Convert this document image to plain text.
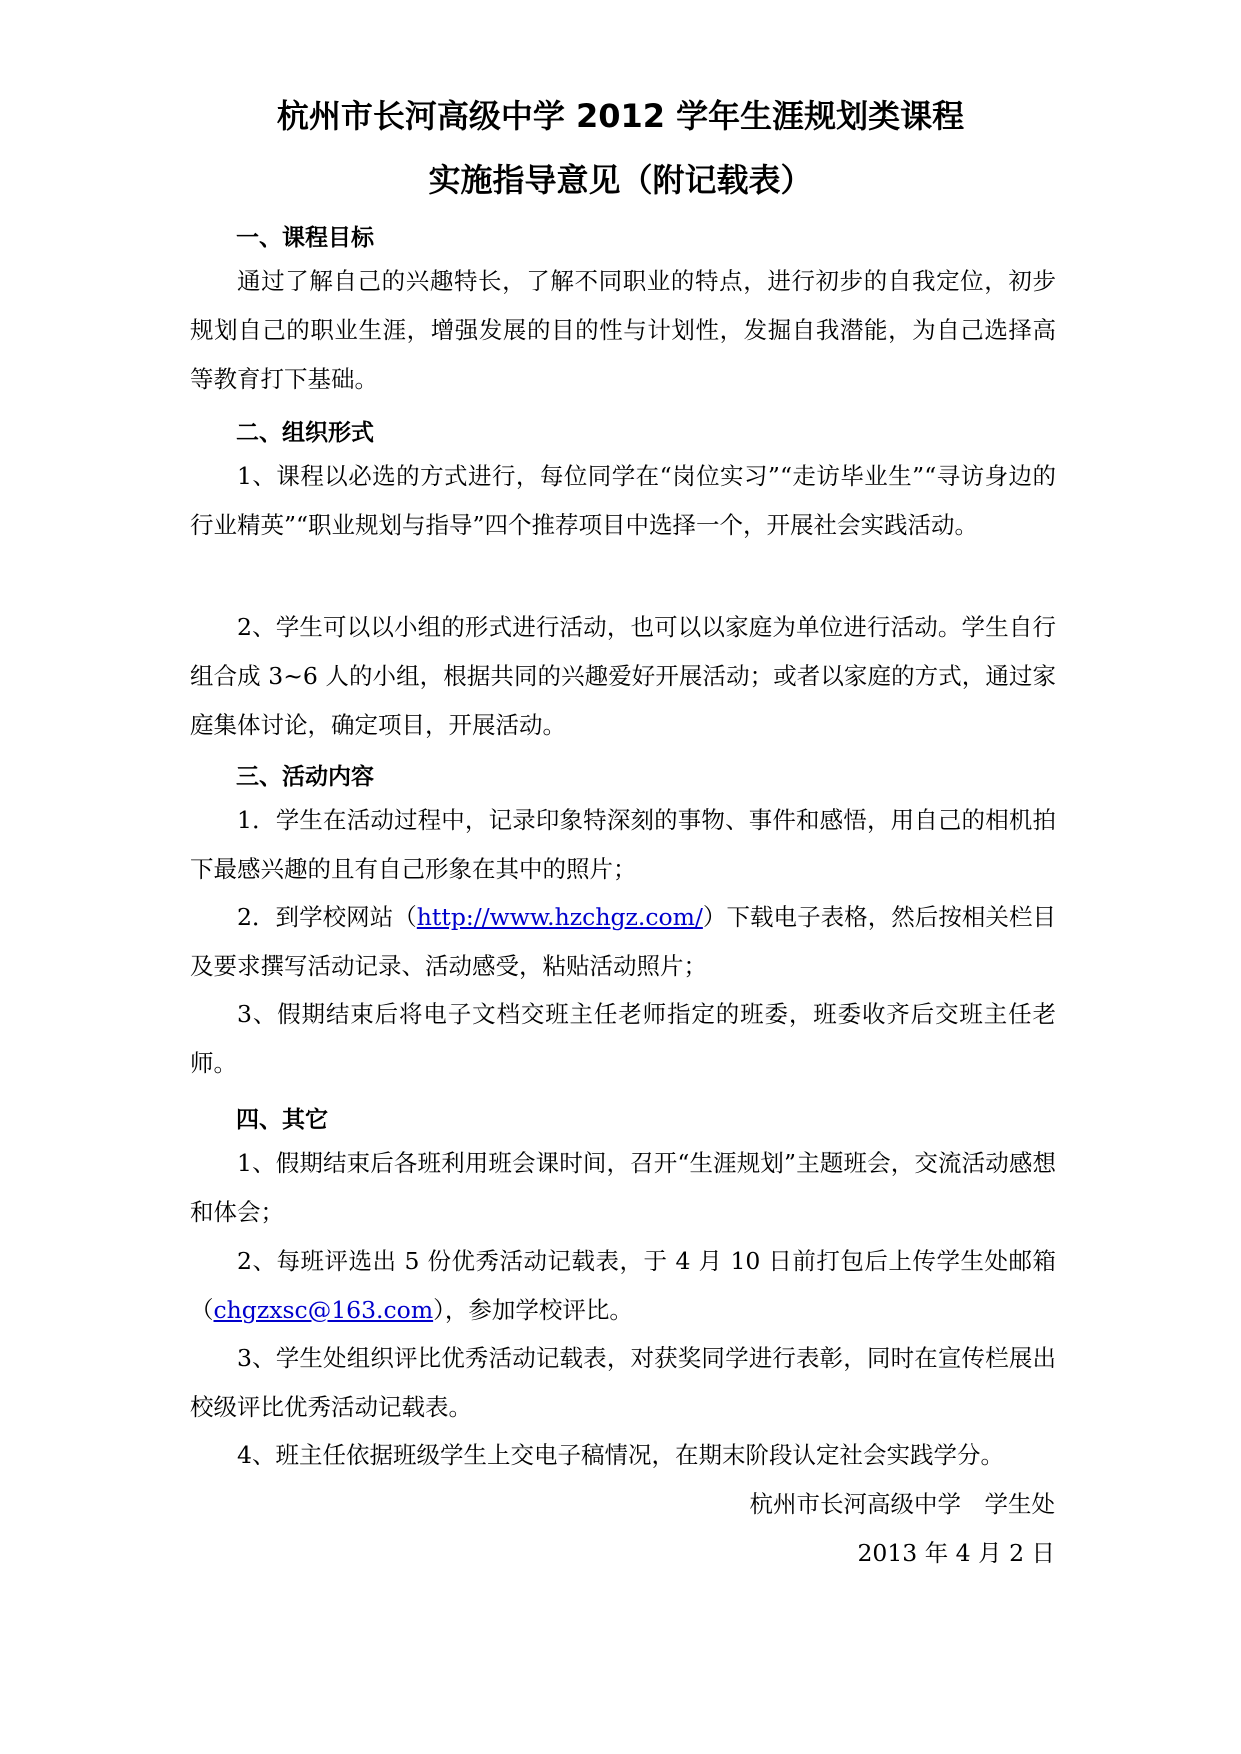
杭州市长河高级中学 2012 学年生涯规划类课程
实施指导意见（附记载表）
一、课程目标
通过了解自己的兴趣特长，了解不同职业的特点，进行初步的自我定位，初步规划自己的职业生涯，增强发展的目的性与计划性，发掘自我潜能，为自己选择高等教育打下基础。
二、组织形式
1、课程以必选的方式进行，每位同学在“岗位实习”“走访毕业生”“寻访身边的行业精英”“职业规划与指导”四个推荐项目中选择一个，开展社会实践活动。
2、学生可以以小组的形式进行活动，也可以以家庭为单位进行活动。学生自行组合成 3~6 人的小组，根据共同的兴趣爱好开展活动；或者以家庭的方式，通过家庭集体讨论，确定项目，开展活动。
三、活动内容
1．学生在活动过程中，记录印象特深刻的事物、事件和感悟，用自己的相机拍下最感兴趣的且有自己形象在其中的照片；
2．到学校网站（http://www.hzchgz.com/）下载电子表格，然后按相关栏目及要求撰写活动记录、活动感受，粘贴活动照片；
3、假期结束后将电子文档交班主任老师指定的班委，班委收齐后交班主任老师。
四、其它
1、假期结束后各班利用班会课时间，召开“生涯规划”主题班会，交流活动感想和体会；
2、每班评选出 5 份优秀活动记载表，于 4 月 10 日前打包后上传学生处邮箱（chgzxsc@163.com），参加学校评比。
3、学生处组织评比优秀活动记载表，对获奖同学进行表彰，同时在宣传栏展出校级评比优秀活动记载表。
4、班主任依据班级学生上交电子稿情况，在期末阶段认定社会实践学分。
杭州市长河高级中学　学生处
2013 年 4 月 2 日
